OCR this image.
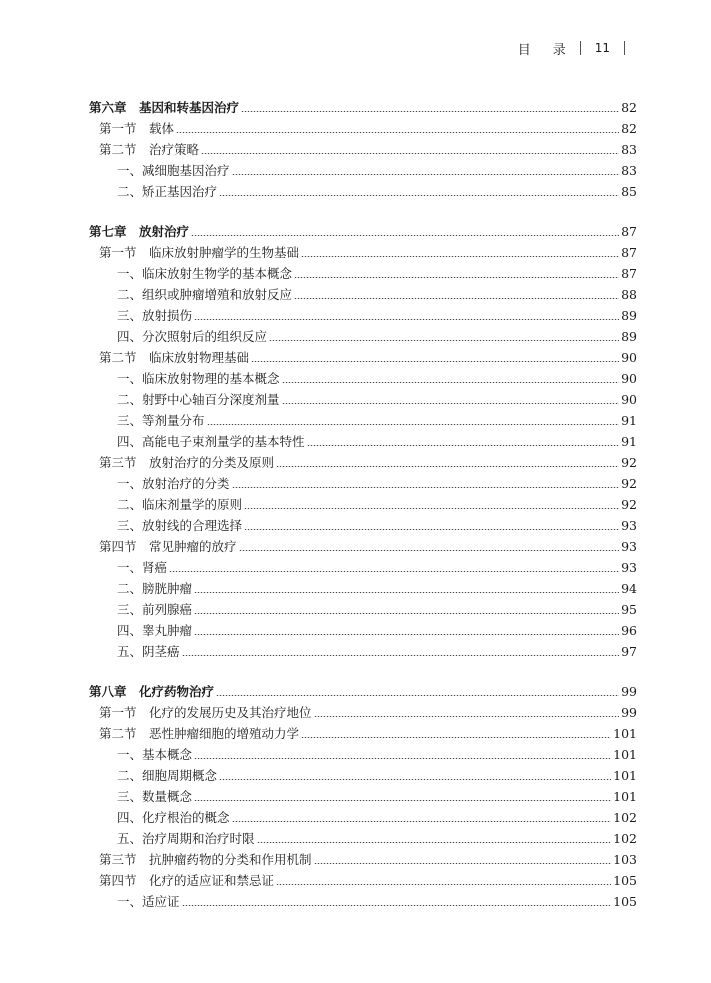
目 录 11
第六章　基因和转基因治疗	82
第一节　载体	82
第二节　治疗策略	83
一、减细胞基因治疗	83
二、矫正基因治疗	85
第七章　放射治疗	87
第一节　临床放射肿瘤学的生物基础	87
一、临床放射生物学的基本概念	87
二、组织或肿瘤增殖和放射反应	88
三、放射损伤	89
四、分次照射后的组织反应	89
第二节　临床放射物理基础	90
一、临床放射物理的基本概念	90
二、射野中心轴百分深度剂量	90
三、等剂量分布	91
四、高能电子束剂量学的基本特性	91
第三节　放射治疗的分类及原则	92
一、放射治疗的分类	92
二、临床剂量学的原则	92
三、放射线的合理选择	93
第四节　常见肿瘤的放疗	93
一、肾癌	93
二、膀胱肿瘤	94
三、前列腺癌	95
四、睾丸肿瘤	96
五、阴茎癌	97
第八章　化疗药物治疗	99
第一节　化疗的发展历史及其治疗地位	99
第二节　恶性肿瘤细胞的增殖动力学	101
一、基本概念	101
二、细胞周期概念	101
三、数量概念	101
四、化疗根治的概念	102
五、治疗周期和治疗时限	102
第三节　抗肿瘤药物的分类和作用机制	103
第四节　化疗的适应证和禁忌证	105
一、适应证	105
